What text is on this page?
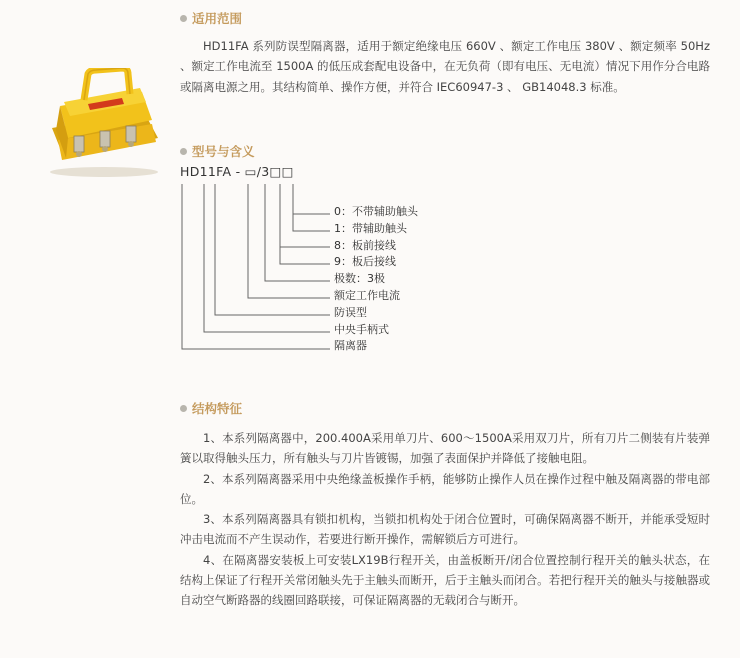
适用范围

HD11FA 系列防误型隔离器，适用于额定绝缘电压 660V 、额定工作电压 380V 、额定频率 50Hz 、额定工作电流至 1500A 的低压成套配电设备中，在无负荷（即有电压、无电流）情况下用作分合电路或隔离电源之用。其结构简单、操作方便，并符合 IEC60947-3 、 GB14048.3 标准。

型号与含义
HD11FA - ▭/3□□
0：不带辅助触头
1：带辅助触头
8：板前接线
9：板后接线
极数：3极
额定工作电流
防误型
中央手柄式
隔离器
结构特征

1、本系列隔离器中，200.400A采用单刀片、600～1500A采用双刀片，所有刀片二侧装有片装弹簧以取得触头压力，所有触头与刀片皆镀锡，加强了表面保护并降低了接触电阻。

2、本系列隔离器采用中央绝缘盖板操作手柄，能够防止操作人员在操作过程中触及隔离器的带电部位。

3、本系列隔离器具有锁扣机构，当锁扣机构处于闭合位置时，可确保隔离器不断开，并能承受短时冲击电流而不产生误动作，若要进行断开操作，需解锁后方可进行。

4、在隔离器安装板上可安装LX19B行程开关，由盖板断开/闭合位置控制行程开关的触头状态，在结构上保证了行程开关常闭触头先于主触头而断开，后于主触头而闭合。若把行程开关的触头与接触器或自动空气断路器的线圈回路联接，可保证隔离器的无载闭合与断开。
